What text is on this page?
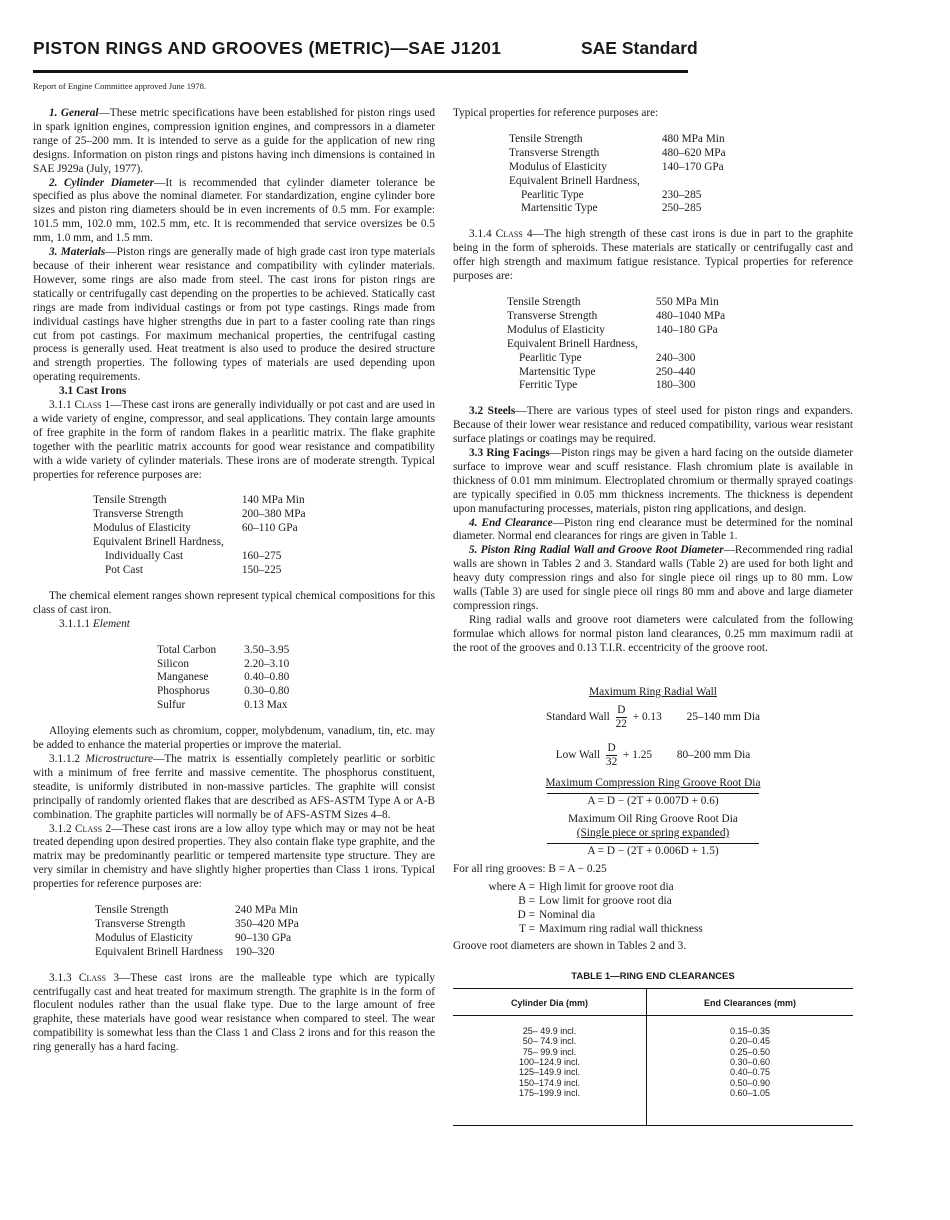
PISTON RINGS AND GROOVES (METRIC)—SAE J1201	SAE Standard
Report of Engine Committee approved June 1978.

1. General—These metric specifications have been established for piston rings used in spark ignition engines, compression ignition engines, and compressors in a diameter range of 25–200 mm. It is intended to serve as a guide for the application of new ring designs. Information on piston rings and pistons having inch dimensions is contained in SAE J929a (July, 1977).

2. Cylinder Diameter—It is recommended that cylinder diameter tolerance be specified as plus above the nominal diameter. For standardization, engine cylinder bore sizes and piston ring diameters should be in even increments of 0.5 mm. For example: 101.5 mm, 102.0 mm, 102.5 mm, etc. It is recommended that service oversizes be 0.5 mm, 1.0 mm, and 1.5 mm.

3. Materials—Piston rings are generally made of high grade cast iron type materials because of their inherent wear resistance and compatibility with cylinder materials. However, some rings are also made from steel. The cast irons for piston rings are statically or centrifugally cast depending on the properties to be achieved. Statically cast rings are made from individual castings or from pot type castings. Rings made from individual castings have higher strengths due in part to a faster cooling rate than rings cut from pot castings. For maximum mechanical properties, the centrifugal casting process is generally used. Heat treatment is also used to produce the desired structure and strength properties. The following types of materials are used depending upon operating requirements.

3.1 Cast Irons

3.1.1 Class 1—These cast irons are generally individually or pot cast and are used in a wide variety of engine, compressor, and seal applications. They contain large amounts of free graphite in the form of random flakes in a pearlitic matrix. The flake graphite together with the pearlitic matrix accounts for good wear resistance and compatibility with a wide variety of cylinder materials. These irons are of moderate strength. Typical properties for reference purposes are:

Tensile Strength	140 MPa Min
Transverse Strength	200–380 MPa
Modulus of Elasticity	60–110 GPa
Equivalent Brinell Hardness,	
Individually Cast	160–275
Pot Cast	150–225

The chemical element ranges shown represent typical chemical compositions for this class of cast iron.

3.1.1.1 Element

Total Carbon	3.50–3.95
Silicon	2.20–3.10
Manganese	0.40–0.80
Phosphorus	0.30–0.80
Sulfur	0.13 Max

Alloying elements such as chromium, copper, molybdenum, vanadium, tin, etc. may be added to enhance the material properties or improve the material.

3.1.1.2 Microstructure—The matrix is essentially completely pearlitic or sorbitic with a minimum of free ferrite and massive cementite. The phosphorus constituent, steadite, is uniformly distributed in non-massive particles. The graphite will consist principally of randomly oriented flakes that are described as AFS-ASTM Type A or A-B combination. The graphite particles will normally be of AFS-ASTM Sizes 4–8.

3.1.2 Class 2—These cast irons are a low alloy type which may or may not be heat treated depending upon desired properties. They also contain flake type graphite, and the matrix may be predominantly pearlitic or tempered martensite type structure. They are very similar in chemistry and have slightly higher properties than Class 1 irons. Typical properties for reference purposes are:

Tensile Strength	240 MPa Min
Transverse Strength	350–420 MPa
Modulus of Elasticity	90–130 GPa
Equivalent Brinell Hardness	190–320

3.1.3 Class 3—These cast irons are the malleable type which are typically centrifugally cast and heat treated for maximum strength. The graphite is in the form of floculent nodules rather than the usual flake type. Due to the large amount of free graphite, these materials have good wear resistance when compared to steel. The wear compatibility is somewhat less than the Class 1 and Class 2 irons and for this reason the ring generally has a hard facing.

Typical properties for reference purposes are:

Tensile Strength	480 MPa Min
Transverse Strength	480–620 MPa
Modulus of Elasticity	140–170 GPa
Equivalent Brinell Hardness,	
Pearlitic Type	230–285
Martensitic Type	250–285

3.1.4 Class 4—The high strength of these cast irons is due in part to the graphite being in the form of spheroids. These materials are statically or centrifugally cast and offer high strength and maximum fatigue resistance. Typical properties for reference purposes are:

Tensile Strength	550 MPa Min
Transverse Strength	480–1040 MPa
Modulus of Elasticity	140–180 GPa
Equivalent Brinell Hardness,	
Pearlitic Type	240–300
Martensitic Type	250–440
Ferritic Type	180–300

3.2 Steels—There are various types of steel used for piston rings and expanders. Because of their lower wear resistance and reduced compatibility, various wear resistant surface platings or coatings may be required.

3.3 Ring Facings—Piston rings may be given a hard facing on the outside diameter surface to improve wear and scuff resistance. Flash chromium plate is available in thickness of 0.01 mm minimum. Electroplated chromium or thermally sprayed coatings are typically specified in 0.05 mm thickness increments. The thickness is dependent upon manufacturing processes, materials, piston ring applications, and design.

4. End Clearance—Piston ring end clearance must be determined for the nominal diameter. Normal end clearances for rings are given in Table 1.

5. Piston Ring Radial Wall and Groove Root Diameter—Recommended ring radial walls are shown in Tables 2 and 3. Standard walls (Table 2) are used for both light and heavy duty compression rings and also for single piece oil rings up to 80 mm. Low walls (Table 3) are used for single piece oil rings 80 mm and above and large diameter compression rings.

Ring radial walls and groove root diameters were calculated from the following formulae which allows for normal piston land clearances, 0.25 mm maximum radii at the root of the grooves and 0.13 T.I.R. eccentricity of the groove root.

Maximum Ring Radial Wall
Standard Wall $\frac{D}{22} + 0.13$ 25–140 mm Dia
Low Wall $\frac{D}{32} + 1.25$ 80–200 mm Dia
Maximum Compression Ring Groove Root Dia
A = D − (2T + 0.007D + 0.6)
Maximum Oil Ring Groove Root Dia
(Single piece or spring expanded)
A = D − (2T + 0.006D + 1.5)
For all ring grooves: B = A − 0.25
where A =	High limit for groove root dia
B =	Low limit for groove root dia
D =	Nominal dia
T =	Maximum ring radial wall thickness
Groove root diameters are shown in Tables 2 and 3.
TABLE 1—RING END CLEARANCES
Cylinder Dia (mm)	End Clearances (mm)
25– 49.9 incl.	0.15–0.35
50– 74.9 incl.	0.20–0.45
75– 99.9 incl.	0.25–0.50
100–124.9 incl.	0.30–0.60
125–149.9 incl.	0.40–0.75
150–174.9 incl.	0.50–0.90
175–199.9 incl.	0.60–1.05
